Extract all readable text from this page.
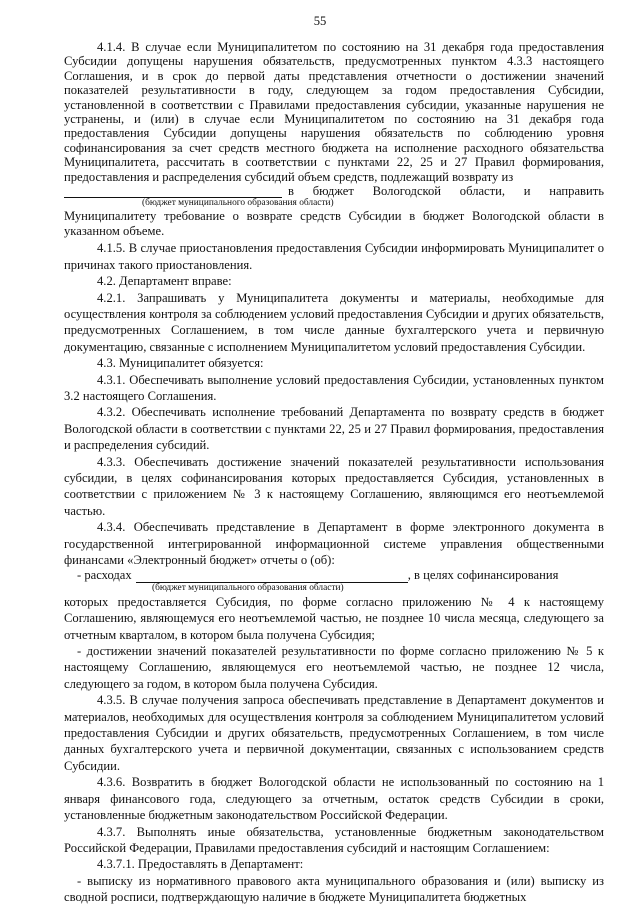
55

4.1.4. В случае если Муниципалитетом по состоянию на 31 декабря года предоставления Субсидии допущены нарушения обязательств, предусмотренных пунктом 4.3.3 настоящего Соглашения, и в срок до первой даты представления отчетности о достижении значений показателей результативности в году, следующем за годом предоставления Субсидии, установленной в соответствии с Правилами предоставления субсидии, указанные нарушения не устранены, и (или) в случае если Муниципалитетом по состоянию на 31 декабря года предоставления Субсидии допущены нарушения обязательств по соблюдению уровня софинансирования за счет средств местного бюджета на исполнение расходного обязательства Муниципалитета, рассчитать в соответствии с пунктами 22, 25 и 27 Правил формирования, предоставления и распределения субсидий объем средств, подлежащий возврату из

в бюджет Вологодской области, и направить

(бюджет муниципального образования области)

Муниципалитету требование о возврате средств Субсидии в бюджет Вологодской области в указанном объеме.

4.1.5. В случае приостановления предоставления Субсидии информировать Муниципалитет о причинах такого приостановления.

4.2. Департамент вправе:

4.2.1. Запрашивать у Муниципалитета документы и материалы, необходимые для осуществления контроля за соблюдением условий предоставления Субсидии и других обязательств, предусмотренных Соглашением, в том числе данные бухгалтерского учета и первичную документацию, связанные с исполнением Муниципалитетом условий предоставления Субсидии.

4.3. Муниципалитет обязуется:

4.3.1. Обеспечивать выполнение условий предоставления Субсидии, установленных пунктом 3.2 настоящего Соглашения.

4.3.2. Обеспечивать исполнение требований Департамента по возврату средств в бюджет Вологодской области в соответствии с пунктами 22, 25 и 27 Правил формирования, предоставления и распределения субсидий.

4.3.3. Обеспечивать достижение значений показателей результативности использования субсидии, в целях софинансирования которых предоставляется Субсидия, установленных в соответствии с приложением № 3 к настоящему Соглашению, являющимся его неотъемлемой частью.

4.3.4. Обеспечивать представление в Департамент в форме электронного документа в государственной интегрированной информационной системе управления общественными финансами «Электронный бюджет» отчеты о (об):

- расходах	, в целях софинансирования

(бюджет муниципального образования области)

которых предоставляется Субсидия, по форме согласно приложению № 4 к настоящему Соглашению, являющемуся его неотъемлемой частью, не позднее 10 числа месяца, следующего за отчетным кварталом, в котором была получена Субсидия;

- достижении значений показателей результативности по форме согласно приложению № 5 к настоящему Соглашению, являющемуся его неотъемлемой частью, не позднее 12 числа, следующего за годом, в котором была получена Субсидия.

4.3.5. В случае получения запроса обеспечивать представление в Департамент документов и материалов, необходимых для осуществления контроля за соблюдением Муниципалитетом условий предоставления Субсидии и других обязательств, предусмотренных Соглашением, в том числе данных бухгалтерского учета и первичной документации, связанных с использованием средств Субсидии.

4.3.6. Возвратить в бюджет Вологодской области не использованный по состоянию на 1 января финансового года, следующего за отчетным, остаток средств Субсидии в сроки, установленные бюджетным законодательством Российской Федерации.

4.3.7. Выполнять иные обязательства, установленные бюджетным законодательством Российской Федерации, Правилами предоставления субсидий и настоящим Соглашением:

4.3.7.1. Предоставлять в Департамент:

- выписку из нормативного правового акта муниципального образования и (или) выписку из сводной росписи, подтверждающую наличие в бюджете Муниципалитета бюджетных
